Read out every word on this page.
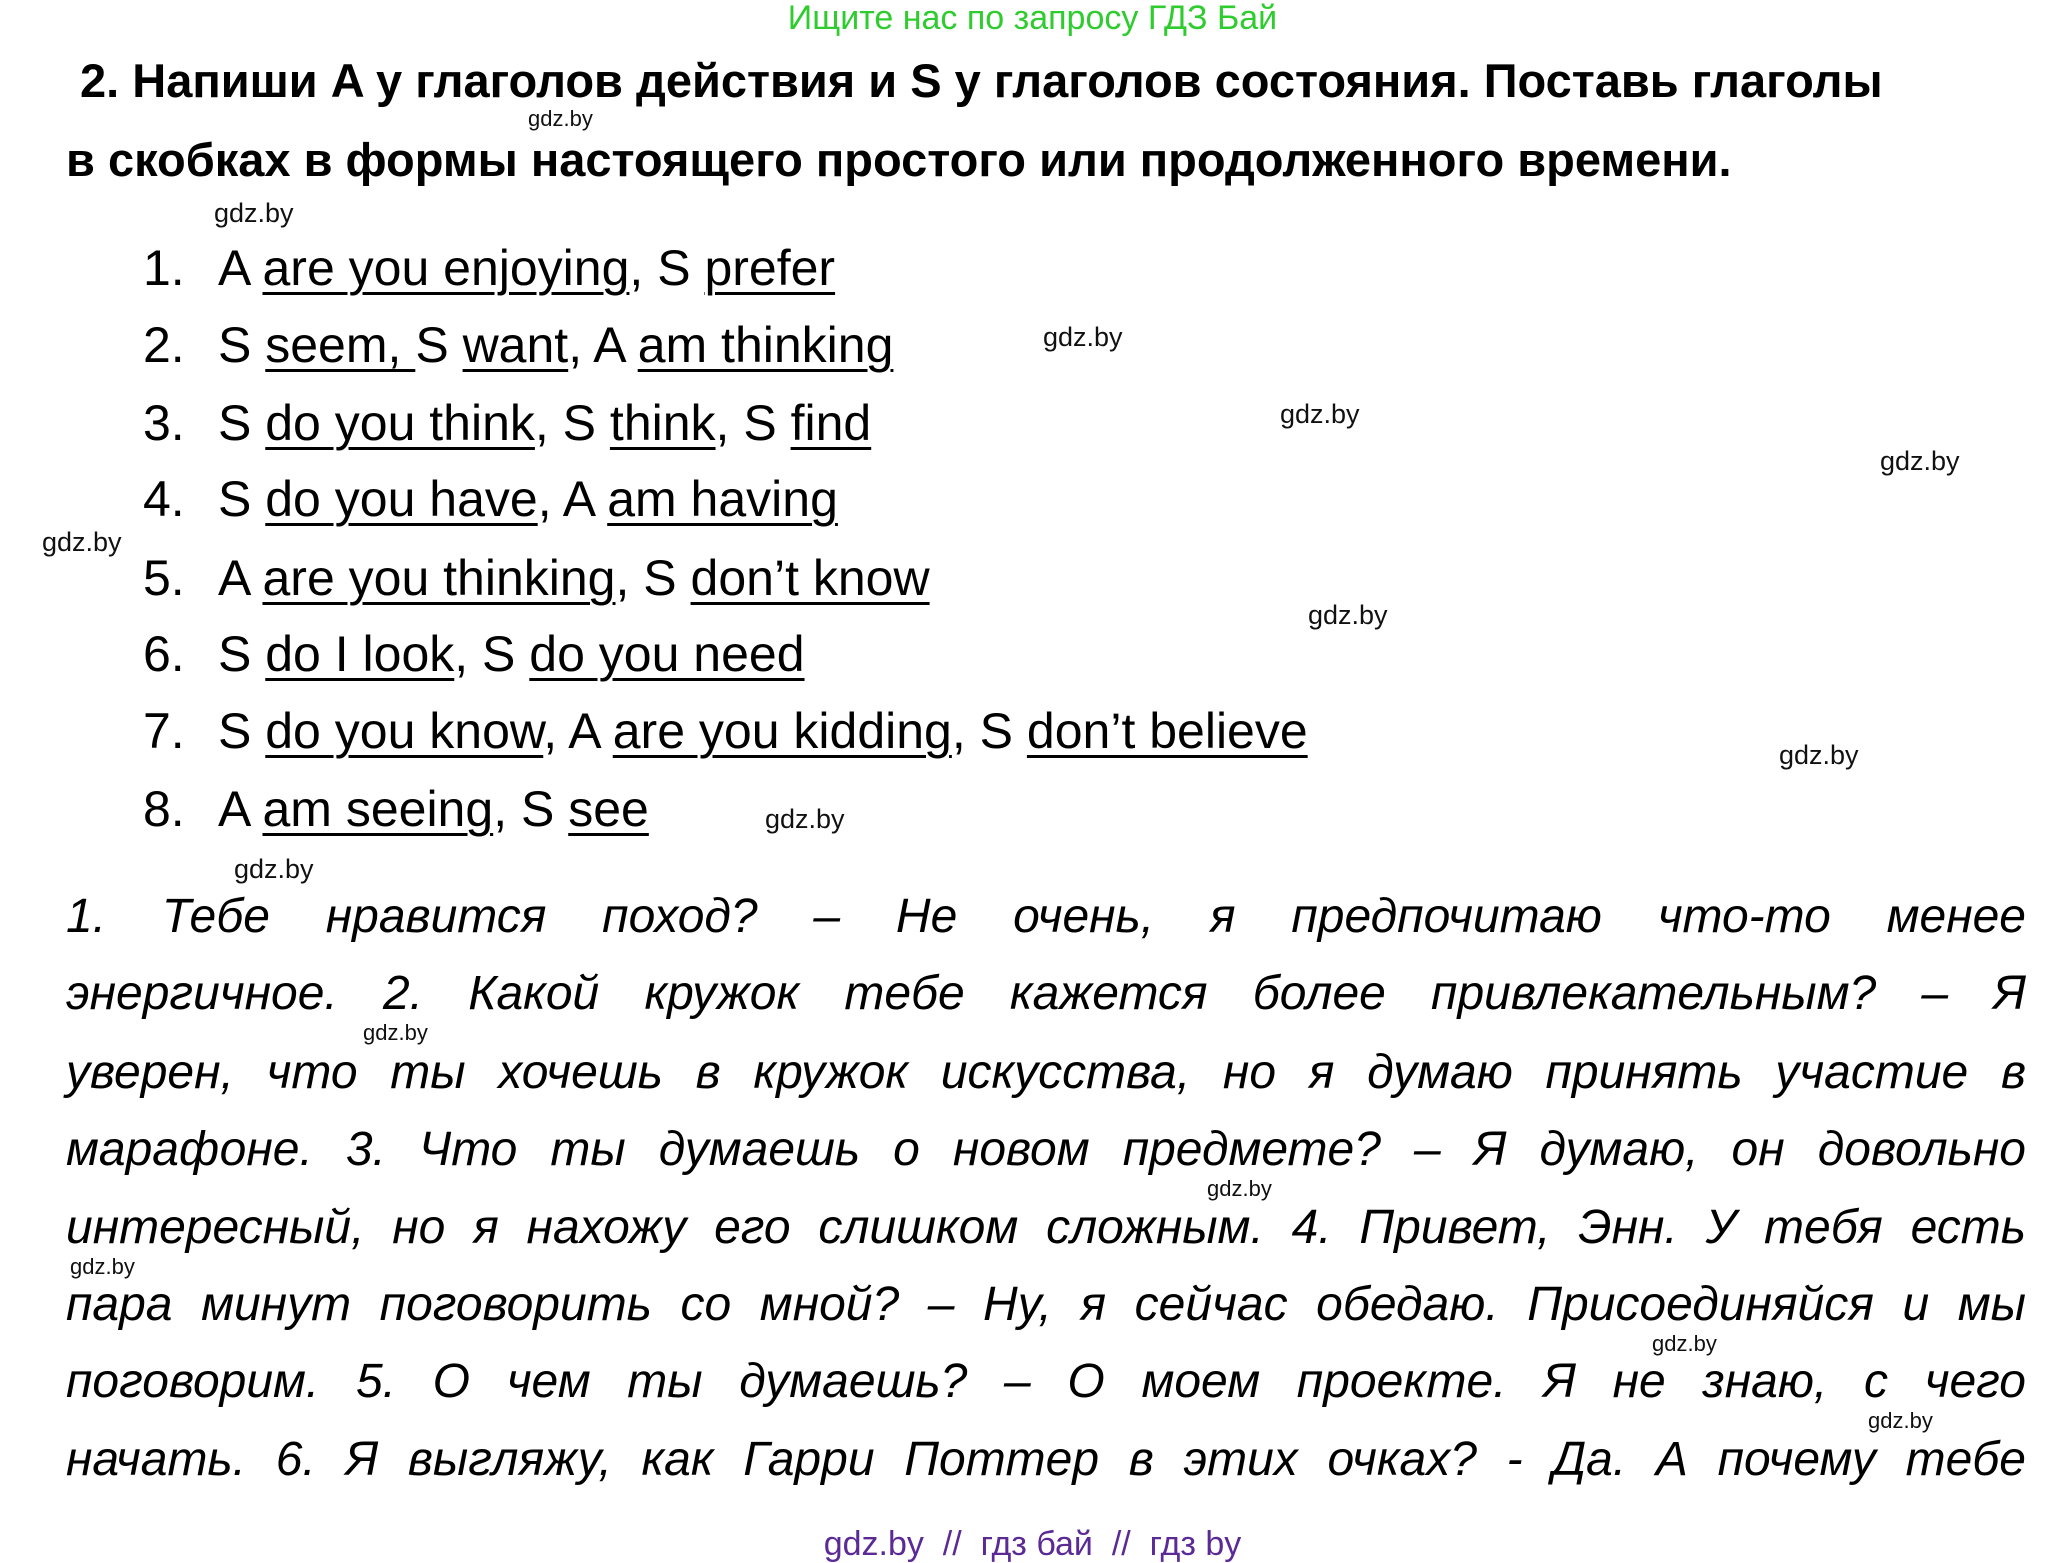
Ищите нас по запросу ГДЗ Бай
2. Напиши A у глаголов действия и S у глаголов состояния. Поставь глаголы
в скобках в формы настоящего простого или продолженного времени.
1. A are you enjoying, S prefer
2. S seem, S want, A am thinking
3. S do you think, S think, S find
4. S do you have, A am having
5. A are you thinking, S don’t know
6. S do I look, S do you need
7. S do you know, A are you kidding, S don’t believe
8. A am seeing, S see
1. Тебе нравится поход? – Не очень, я предпочитаю что-то менее
энергичное. 2. Какой кружок тебе кажется более привлекательным? – Я
уверен, что ты хочешь в кружок искусства, но я думаю принять участие в
марафоне. 3. Что ты думаешь о новом предмете? – Я думаю, он довольно
интересный, но я нахожу его слишком сложным. 4. Привет, Энн. У тебя есть
пара минут поговорить со мной? – Ну, я сейчас обедаю. Присоединяйся и мы
поговорим. 5. О чем ты думаешь? – О моем проекте. Я не знаю, с чего
начать. 6. Я выгляжу, как Гарри Поттер в этих очках? - Да. А почему тебе
gdz.by
gdz.by
gdz.by
gdz.by
gdz.by
gdz.by
gdz.by
gdz.by
gdz.by
gdz.by
gdz.by
gdz.by
gdz.by
gdz.by
gdz.by
gdz.by  //  гдз бай  //  гдз by
